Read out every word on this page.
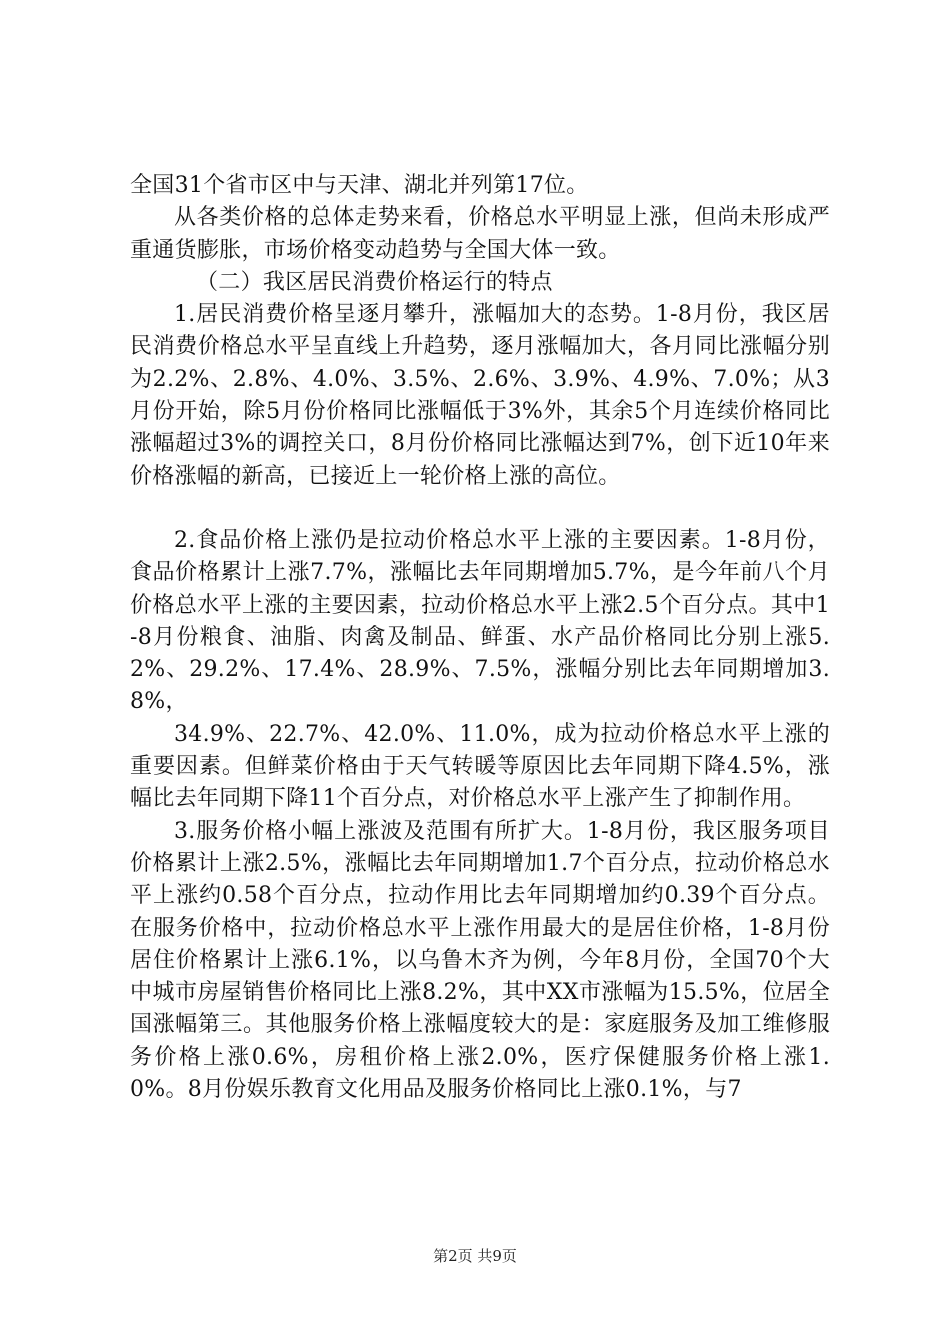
全国31个省市区中与天津、湖北并列第17位。

从各类价格的总体走势来看，价格总水平明显上涨，但尚未形成严重通货膨胀，市场价格变动趋势与全国大体一致。

（二）我区居民消费价格运行的特点

1.居民消费价格呈逐月攀升，涨幅加大的态势。1-8月份，我区居民消费价格总水平呈直线上升趋势，逐月涨幅加大，各月同比涨幅分别为2.2%、2.8%、4.0%、3.5%、2.6%、3.9%、4.9%、7.0%；从3月份开始，除5月份价格同比涨幅低于3%外，其余5个月连续价格同比涨幅超过3%的调控关口，8月份价格同比涨幅达到7%，创下近10年来价格涨幅的新高，已接近上一轮价格上涨的高位。

2.食品价格上涨仍是拉动价格总水平上涨的主要因素。1-8月份，食品价格累计上涨7.7%，涨幅比去年同期增加5.7%，是今年前八个月价格总水平上涨的主要因素，拉动价格总水平上涨2.5个百分点。其中1-8月份粮食、油脂、肉禽及制品、鲜蛋、水产品价格同比分别上涨5.2%、29.2%、17.4%、28.9%、7.5%，涨幅分别比去年同期增加3.8%，

34.9%、22.7%、42.0%、11.0%，成为拉动价格总水平上涨的重要因素。但鲜菜价格由于天气转暖等原因比去年同期下降4.5%，涨幅比去年同期下降11个百分点，对价格总水平上涨产生了抑制作用。

3.服务价格小幅上涨波及范围有所扩大。1-8月份，我区服务项目价格累计上涨2.5%，涨幅比去年同期增加1.7个百分点，拉动价格总水平上涨约0.58个百分点，拉动作用比去年同期增加约0.39个百分点。在服务价格中，拉动价格总水平上涨作用最大的是居住价格，1-8月份居住价格累计上涨6.1%，以乌鲁木齐为例，今年8月份，全国70个大中城市房屋销售价格同比上涨8.2%，其中XX市涨幅为15.5%，位居全国涨幅第三。其他服务价格上涨幅度较大的是：家庭服务及加工维修服务价格上涨0.6%，房租价格上涨2.0%，医疗保健服务价格上涨1.0%。8月份娱乐教育文化用品及服务价格同比上涨0.1%，与7

第2页 共9页
